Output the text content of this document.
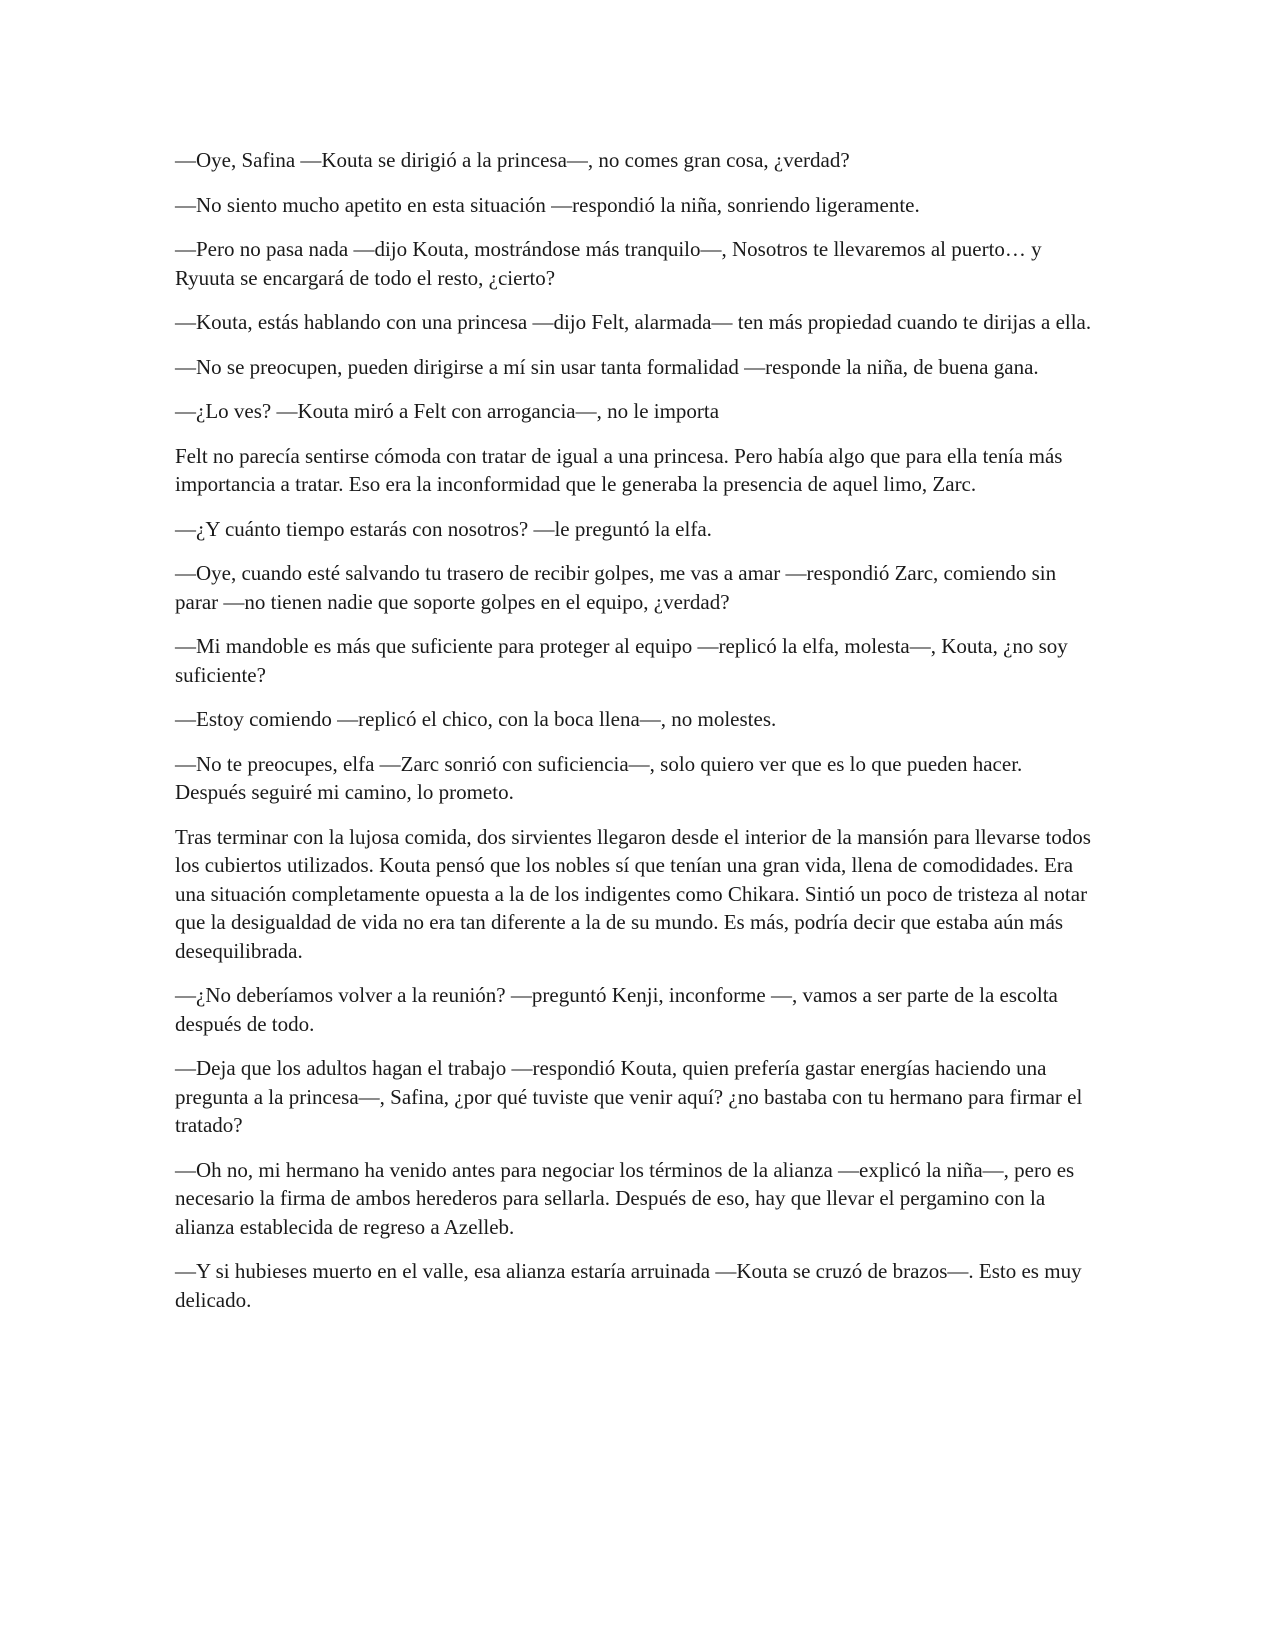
—Oye, Safina —Kouta se dirigió a la princesa—, no comes gran cosa, ¿verdad?

—No siento mucho apetito en esta situación —respondió la niña, sonriendo ligeramente.

—Pero no pasa nada —dijo Kouta, mostrándose más tranquilo—, Nosotros te llevaremos al puerto… y Ryuuta se encargará de todo el resto, ¿cierto?

—Kouta, estás hablando con una princesa —dijo Felt, alarmada— ten más propiedad cuando te dirijas a ella.

—No se preocupen, pueden dirigirse a mí sin usar tanta formalidad —responde la niña, de buena gana.

—¿Lo ves? —Kouta miró a Felt con arrogancia—, no le importa

Felt no parecía sentirse cómoda con tratar de igual a una princesa. Pero había algo que para ella tenía más importancia a tratar. Eso era la inconformidad que le generaba la presencia de aquel limo, Zarc.

—¿Y cuánto tiempo estarás con nosotros? —le preguntó la elfa.

—Oye, cuando esté salvando tu trasero de recibir golpes, me vas a amar —respondió Zarc, comiendo sin parar —no tienen nadie que soporte golpes en el equipo, ¿verdad?

—Mi mandoble es más que suficiente para proteger al equipo —replicó la elfa, molesta—, Kouta, ¿no soy suficiente?

—Estoy comiendo —replicó el chico, con la boca llena—, no molestes.

—No te preocupes, elfa —Zarc sonrió con suficiencia—, solo quiero ver que es lo que pueden hacer. Después seguiré mi camino, lo prometo.

Tras terminar con la lujosa comida, dos sirvientes llegaron desde el interior de la mansión para llevarse todos los cubiertos utilizados. Kouta pensó que los nobles sí que tenían una gran vida, llena de comodidades. Era una situación completamente opuesta a la de los indigentes como Chikara. Sintió un poco de tristeza al notar que la desigualdad de vida no era tan diferente a la de su mundo. Es más, podría decir que estaba aún más desequilibrada.

—¿No deberíamos volver a la reunión? —preguntó Kenji, inconforme —, vamos a ser parte de la escolta después de todo.

—Deja que los adultos hagan el trabajo —respondió Kouta, quien prefería gastar energías haciendo una pregunta a la princesa—, Safina, ¿por qué tuviste que venir aquí? ¿no bastaba con tu hermano para firmar el tratado?

—Oh no, mi hermano ha venido antes para negociar los términos de la alianza —explicó la niña—, pero es necesario la firma de ambos herederos para sellarla. Después de eso, hay que llevar el pergamino con la alianza establecida de regreso a Azelleb.

—Y si hubieses muerto en el valle, esa alianza estaría arruinada —Kouta se cruzó de brazos—. Esto es muy delicado.
